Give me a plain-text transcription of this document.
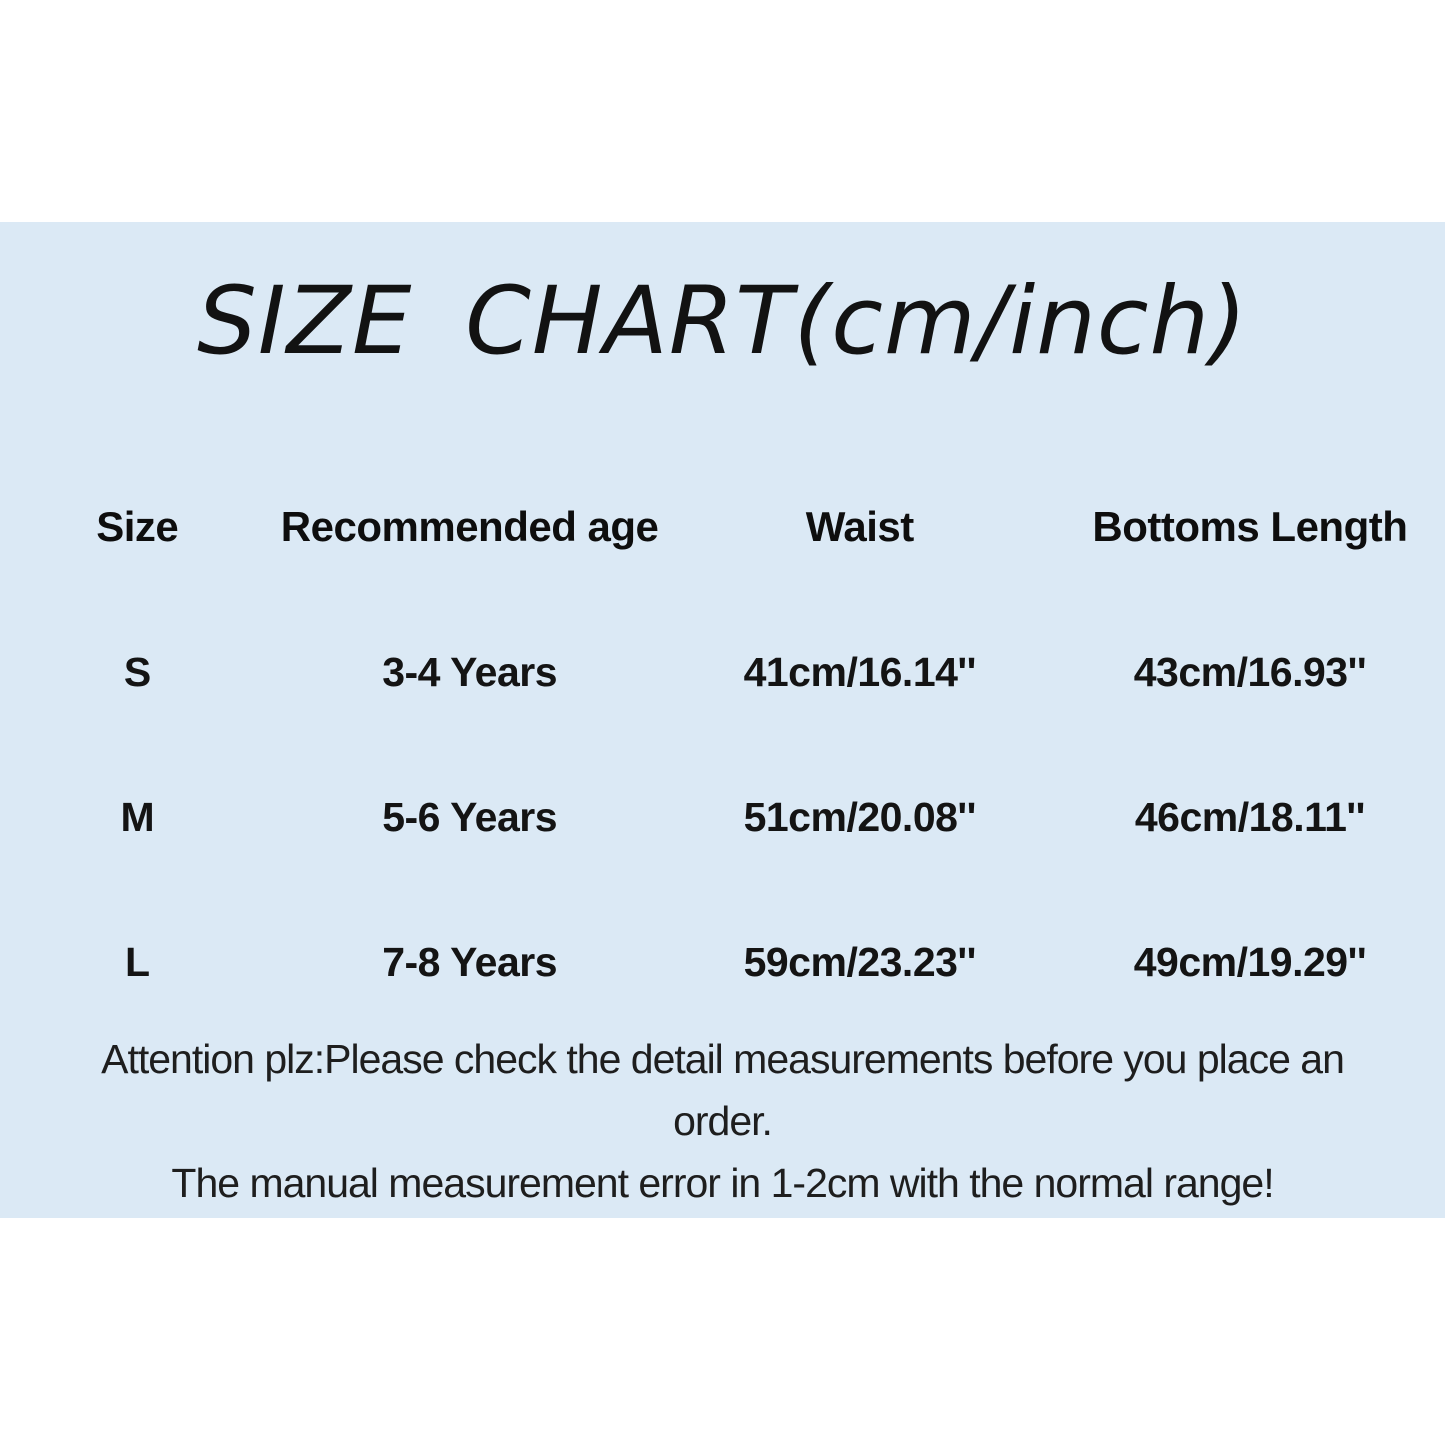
SIZE CHART(cm/inch)
Size	Recommended age	Waist	Bottoms Length
S	3-4 Years	41cm/16.14''	43cm/16.93''
M	5-6 Years	51cm/20.08''	46cm/18.11''
L	7-8 Years	59cm/23.23''	49cm/19.29''
Attention plz:Please check the detail measurements before you place an
order.
The manual measurement error in 1-2cm with the normal range!
